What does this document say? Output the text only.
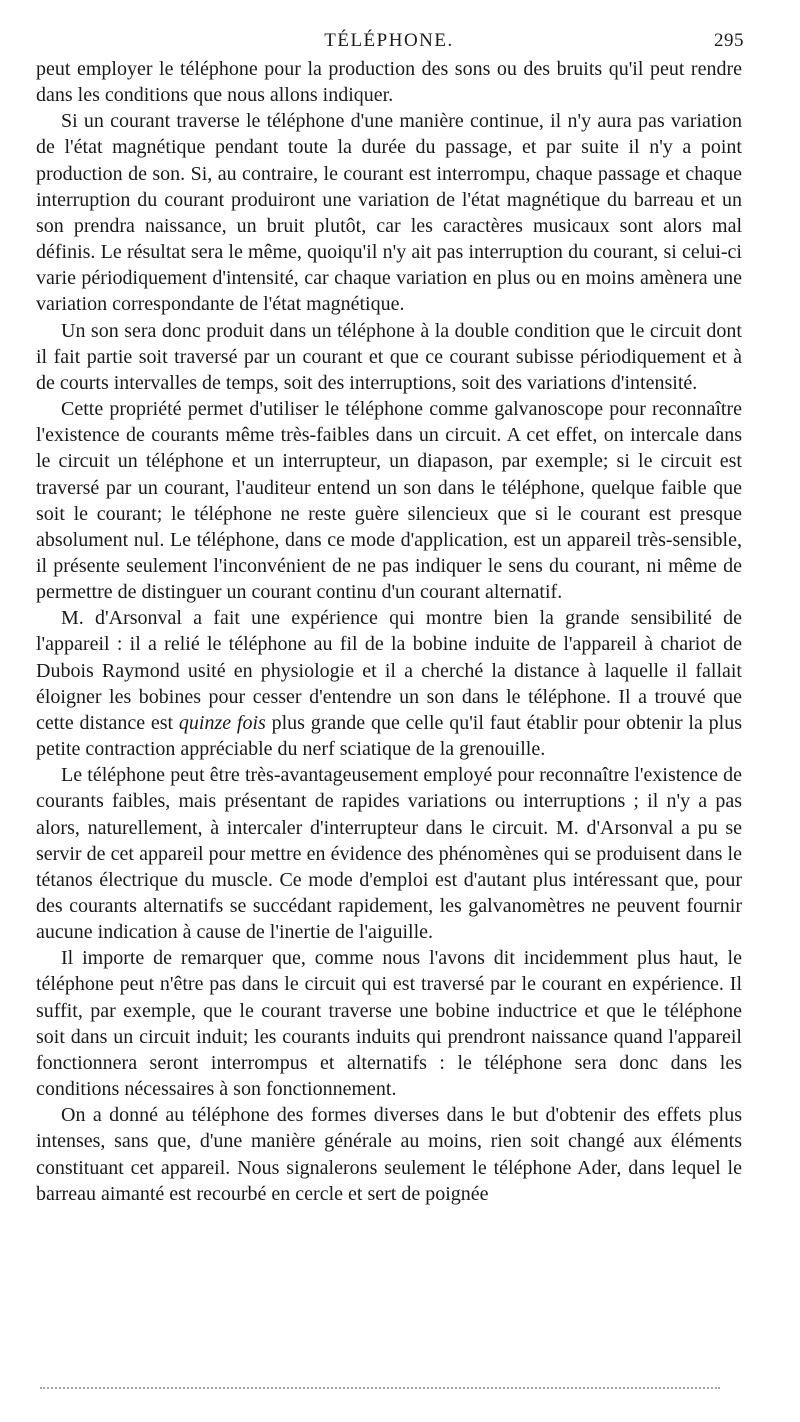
TÉLÉPHONE.	295

peut employer le téléphone pour la production des sons ou des bruits qu'il peut rendre dans les conditions que nous allons indiquer.

Si un courant traverse le téléphone d'une manière continue, il n'y aura pas variation de l'état magnétique pendant toute la durée du passage, et par suite il n'y a point production de son. Si, au contraire, le courant est interrompu, chaque passage et chaque interruption du courant produiront une variation de l'état magnétique du barreau et un son prendra naissance, un bruit plutôt, car les caractères musicaux sont alors mal définis. Le résultat sera le même, quoiqu'il n'y ait pas interruption du courant, si celui-ci varie périodiquement d'intensité, car chaque variation en plus ou en moins amènera une variation correspondante de l'état magnétique.

Un son sera donc produit dans un téléphone à la double condition que le circuit dont il fait partie soit traversé par un courant et que ce courant subisse périodiquement et à de courts intervalles de temps, soit des interruptions, soit des variations d'intensité.

Cette propriété permet d'utiliser le téléphone comme galvanoscope pour reconnaître l'existence de courants même très-faibles dans un circuit. A cet effet, on intercale dans le circuit un téléphone et un interrupteur, un diapason, par exemple; si le circuit est traversé par un courant, l'auditeur entend un son dans le téléphone, quelque faible que soit le courant; le téléphone ne reste guère silencieux que si le courant est presque absolument nul. Le téléphone, dans ce mode d'application, est un appareil très-sensible, il présente seulement l'inconvénient de ne pas indiquer le sens du courant, ni même de permettre de distinguer un courant continu d'un courant alternatif.

M. d'Arsonval a fait une expérience qui montre bien la grande sensibilité de l'appareil : il a relié le téléphone au fil de la bobine induite de l'appareil à chariot de Dubois Raymond usité en physiologie et il a cherché la distance à laquelle il fallait éloigner les bobines pour cesser d'entendre un son dans le téléphone. Il a trouvé que cette distance est quinze fois plus grande que celle qu'il faut établir pour obtenir la plus petite contraction appréciable du nerf sciatique de la grenouille.

Le téléphone peut être très-avantageusement employé pour reconnaître l'existence de courants faibles, mais présentant de rapides variations ou interruptions ; il n'y a pas alors, naturellement, à intercaler d'interrupteur dans le circuit. M. d'Arsonval a pu se servir de cet appareil pour mettre en évidence des phénomènes qui se produisent dans le tétanos électrique du muscle. Ce mode d'emploi est d'autant plus intéressant que, pour des courants alternatifs se succédant rapidement, les galvanomètres ne peuvent fournir aucune indication à cause de l'inertie de l'aiguille.

Il importe de remarquer que, comme nous l'avons dit incidemment plus haut, le téléphone peut n'être pas dans le circuit qui est traversé par le courant en expérience. Il suffit, par exemple, que le courant traverse une bobine inductrice et que le téléphone soit dans un circuit induit; les courants induits qui prendront naissance quand l'appareil fonctionnera seront interrompus et alternatifs : le téléphone sera donc dans les conditions nécessaires à son fonctionnement.

On a donné au téléphone des formes diverses dans le but d'obtenir des effets plus intenses, sans que, d'une manière générale au moins, rien soit changé aux éléments constituant cet appareil. Nous signalerons seulement le téléphone Ader, dans lequel le barreau aimanté est recourbé en cercle et sert de poignée
